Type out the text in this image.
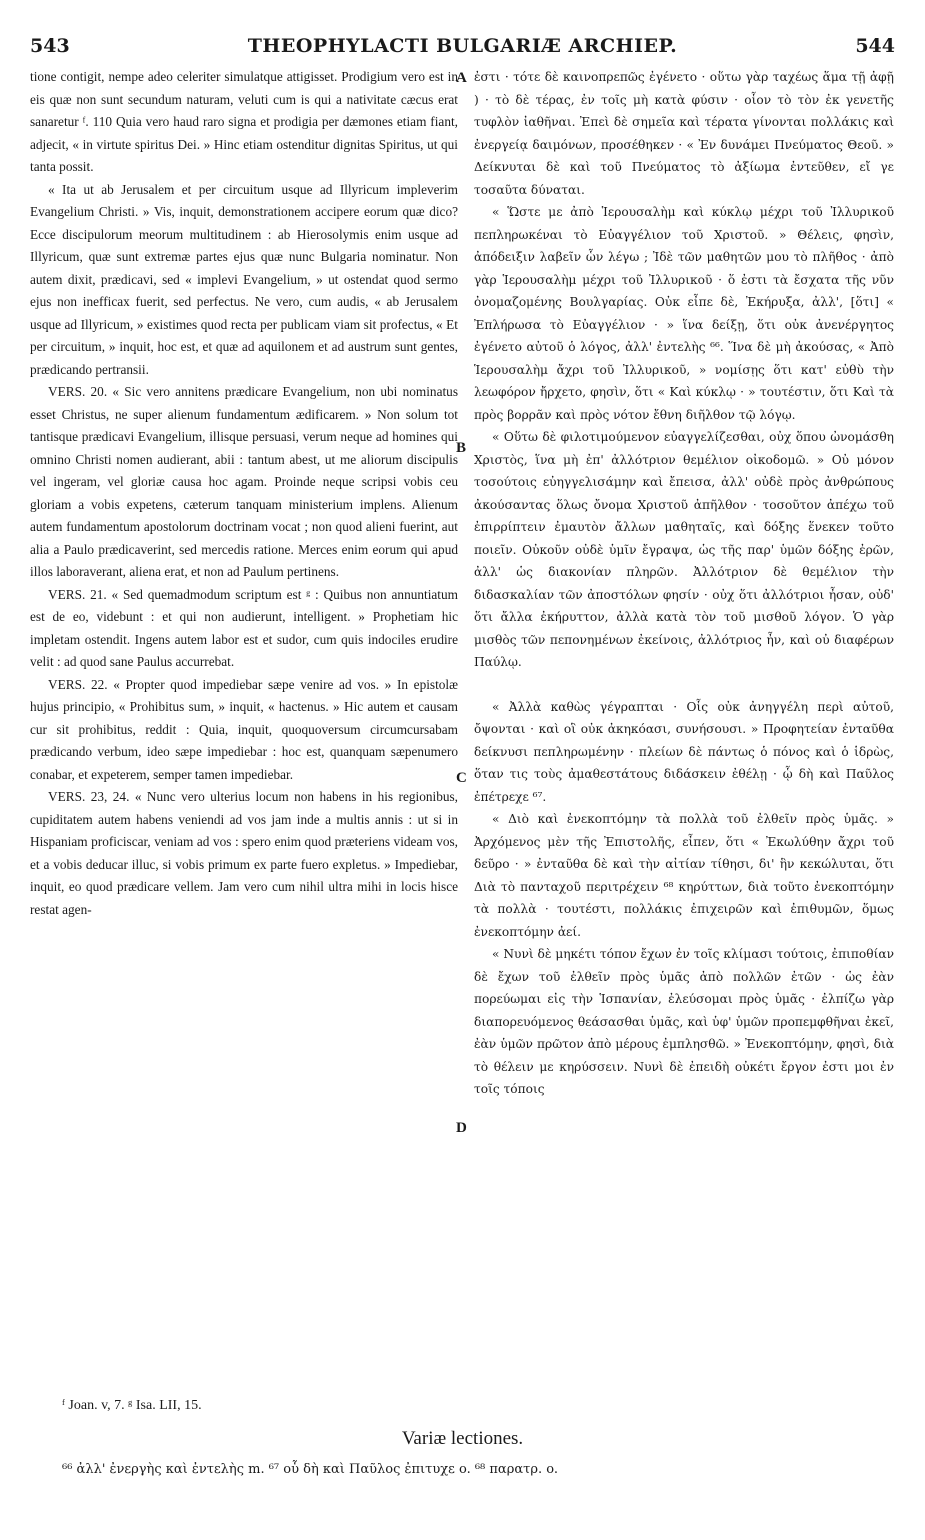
543	THEOPHYLACTI BULGARIÆ ARCHIEP.	544

tione contigit, nempe adeo celeriter simulatque attigisset. Prodigium vero est in eis quæ non sunt secundum naturam, veluti cum is qui a nativitate cæcus erat sanaretur ᶠ. 110 Quia vero haud raro signa et prodigia per dæmones etiam fiant, adjecit, « in virtute spiritus Dei. » Hinc etiam ostenditur dignitas Spiritus, ut qui tanta possit.

« Ita ut ab Jerusalem et per circuitum usque ad Illyricum impleverim Evangelium Christi. » Vis, inquit, demonstrationem accipere eorum quæ dico? Ecce discipulorum meorum multitudinem : ab Hierosolymis enim usque ad Illyricum, quæ sunt extremæ partes ejus quæ nunc Bulgaria nominatur. Non autem dixit, prædicavi, sed « implevi Evangelium, » ut ostendat quod sermo ejus non inefficax fuerit, sed perfectus. Ne vero, cum audis, « ab Jerusalem usque ad Illyricum, » existimes quod recta per publicam viam sit profectus, « Et per circuitum, » inquit, hoc est, et quæ ad aquilonem et ad austrum sunt gentes, prædicando pertransii.

VERS. 20. « Sic vero annitens prædicare Evangelium, non ubi nominatus esset Christus, ne super alienum fundamentum ædificarem. » Non solum tot tantisque prædicavi Evangelium, illisque persuasi, verum neque ad homines qui omnino Christi nomen audierant, abii : tantum abest, ut me aliorum discipulis vel ingeram, vel gloriæ causa hoc agam. Proinde neque scripsi vobis ceu gloriam a vobis expetens, cæterum tanquam ministerium implens. Alienum autem fundamentum apostolorum doctrinam vocat ; non quod alieni fuerint, aut alia a Paulo prædicaverint, sed mercedis ratione. Merces enim eorum qui apud illos laboraverant, aliena erat, et non ad Paulum pertinens.

VERS. 21. « Sed quemadmodum scriptum est ᵍ : Quibus non annuntiatum est de eo, videbunt : et qui non audierunt, intelligent. » Prophetiam hic impletam ostendit. Ingens autem labor est et sudor, cum quis indociles erudire velit : ad quod sane Paulus accurrebat.

VERS. 22. « Propter quod impediebar sæpe venire ad vos. » In epistolæ hujus principio, « Prohibitus sum, » inquit, « hactenus. » Hic autem et causam cur sit prohibitus, reddit : Quia, inquit, quoquoversum circumcursabam prædicando verbum, ideo sæpe impediebar : hoc est, quanquam sæpenumero conabar, et expeterem, semper tamen impediebar.

VERS. 23, 24. « Nunc vero ulterius locum non habens in his regionibus, cupiditatem autem habens veniendi ad vos jam inde a multis annis : ut si in Hispaniam proficiscar, veniam ad vos : spero enim quod præteriens videam vos, et a vobis deducar illuc, si vobis primum ex parte fuero expletus. » Impediebar, inquit, eo quod prædicare vellem. Jam vero cum nihil ultra mihi in locis hisce restat agen-

ἐστι · τότε δὲ καινοπρεπῶς ἐγένετο · οὕτω γὰρ ταχέως ἅμα τῇ ἀφῇ ) · τὸ δὲ τέρας, ἐν τοῖς μὴ κατὰ φύσιν · οἷον τὸ τὸν ἐκ γενετῆς τυφλὸν ἰαθῆναι. Ἐπεὶ δὲ σημεῖα καὶ τέρατα γίνονται πολλάκις καὶ ἐνεργείᾳ δαιμόνων, προσέθηκεν · « Ἐν δυνάμει Πνεύματος Θεοῦ. » Δείκνυται δὲ καὶ τοῦ Πνεύματος τὸ ἀξίωμα ἐντεῦθεν, εἴ γε τοσαῦτα δύναται.

« Ὥστε με ἀπὸ Ἱερουσαλὴμ καὶ κύκλῳ μέχρι τοῦ Ἰλλυρικοῦ πεπληρωκέναι τὸ Εὐαγγέλιον τοῦ Χριστοῦ. » Θέλεις, φησὶν, ἀπόδειξιν λαβεῖν ὧν λέγω ; Ἰδὲ τῶν μαθητῶν μου τὸ πλῆθος · ἀπὸ γὰρ Ἱερουσαλὴμ μέχρι τοῦ Ἰλλυρικοῦ · ὅ ἐστι τὰ ἔσχατα τῆς νῦν ὀνομαζομένης Βουλγαρίας. Οὐκ εἶπε δὲ, Ἐκήρυξα, ἀλλ', [ὅτι] « Ἐπλήρωσα τὸ Εὐαγγέλιον · » ἵνα δείξῃ, ὅτι οὐκ ἀνενέργητος ἐγένετο αὐτοῦ ὁ λόγος, ἀλλ' ἐντελὴς ⁶⁶. Ἵνα δὲ μὴ ἀκούσας, « Ἀπὸ Ἱερουσαλὴμ ἄχρι τοῦ Ἰλλυρικοῦ, » νομίσῃς ὅτι κατ' εὐθὺ τὴν λεωφόρον ἤρχετο, φησὶν, ὅτι « Καὶ κύκλῳ · » τουτέστιν, ὅτι Καὶ τὰ πρὸς βορρᾶν καὶ πρὸς νότον ἔθνη διῆλθον τῷ λόγῳ.

« Οὕτω δὲ φιλοτιμούμενον εὐαγγελίζεσθαι, οὐχ ὅπου ὠνομάσθη Χριστὸς, ἵνα μὴ ἐπ' ἀλλότριον θεμέλιον οἰκοδομῶ. » Οὐ μόνον τοσούτοις εὐηγγελισάμην καὶ ἔπεισα, ἀλλ' οὐδὲ πρὸς ἀνθρώπους ἀκούσαντας ὅλως ὄνομα Χριστοῦ ἀπῆλθον · τοσοῦτον ἀπέχω τοῦ ἐπιρρίπτειν ἐμαυτὸν ἄλλων μαθηταῖς, καὶ δόξης ἕνεκεν τοῦτο ποιεῖν. Οὐκοῦν οὐδὲ ὑμῖν ἔγραψα, ὡς τῆς παρ' ὑμῶν δόξης ἐρῶν, ἀλλ' ὡς διακονίαν πληρῶν. Ἀλλότριον δὲ θεμέλιον τὴν διδασκαλίαν τῶν ἀποστόλων φησίν · οὐχ ὅτι ἀλλότριοι ἦσαν, οὐδ' ὅτι ἄλλα ἐκήρυττον, ἀλλὰ κατὰ τὸν τοῦ μισθοῦ λόγον. Ὁ γὰρ μισθὸς τῶν πεπονημένων ἐκείνοις, ἀλλότριος ἦν, καὶ οὐ διαφέρων Παύλῳ.

« Ἀλλὰ καθὼς γέγραπται · Οἷς οὐκ ἀνηγγέλη περὶ αὐτοῦ, ὄψονται · καὶ οἳ οὐκ ἀκηκόασι, συνήσουσι. » Προφητείαν ἐνταῦθα δείκνυσι πεπληρωμένην · πλείων δὲ πάντως ὁ πόνος καὶ ὁ ἱδρὼς, ὅταν τις τοὺς ἀμαθεστάτους διδάσκειν ἐθέλῃ · ᾧ δὴ καὶ Παῦλος ἐπέτρεχε ⁶⁷.

« Διὸ καὶ ἐνεκοπτόμην τὰ πολλὰ τοῦ ἐλθεῖν πρὸς ὑμᾶς. » Ἀρχόμενος μὲν τῆς Ἐπιστολῆς, εἶπεν, ὅτι « Ἐκωλύθην ἄχρι τοῦ δεῦρο · » ἐνταῦθα δὲ καὶ τὴν αἰτίαν τίθησι, δι' ἣν κεκώλυται, ὅτι Διὰ τὸ πανταχοῦ περιτρέχειν ⁶⁸ κηρύττων, διὰ τοῦτο ἐνεκοπτόμην τὰ πολλὰ · τουτέστι, πολλάκις ἐπιχειρῶν καὶ ἐπιθυμῶν, ὅμως ἐνεκοπτόμην ἀεί.

« Νυνὶ δὲ μηκέτι τόπον ἔχων ἐν τοῖς κλίμασι τούτοις, ἐπιποθίαν δὲ ἔχων τοῦ ἐλθεῖν πρὸς ὑμᾶς ἀπὸ πολλῶν ἐτῶν · ὡς ἐὰν πορεύωμαι εἰς τὴν Ἱσπανίαν, ἐλεύσομαι πρὸς ὑμᾶς · ἐλπίζω γὰρ διαπορευόμενος θεάσασθαι ὑμᾶς, καὶ ὑφ' ὑμῶν προπεμφθῆναι ἐκεῖ, ἐὰν ὑμῶν πρῶτον ἀπὸ μέρους ἐμπλησθῶ. » Ἐνεκοπτόμην, φησὶ, διὰ τὸ θέλειν με κηρύσσειν. Νυνὶ δὲ ἐπειδὴ οὐκέτι ἔργον ἐστι μοι ἐν τοῖς τόποις

A
B
C
D
ᶠ Joan. v, 7. ᵍ Isa. LII, 15.
Variæ lectiones.
⁶⁶ ἀλλ' ἐνεργὴς καὶ ἐντελὴς m. ⁶⁷ οὗ δὴ καὶ Παῦλος ἐπιτυχε o. ⁶⁸ παρατρ. o.
